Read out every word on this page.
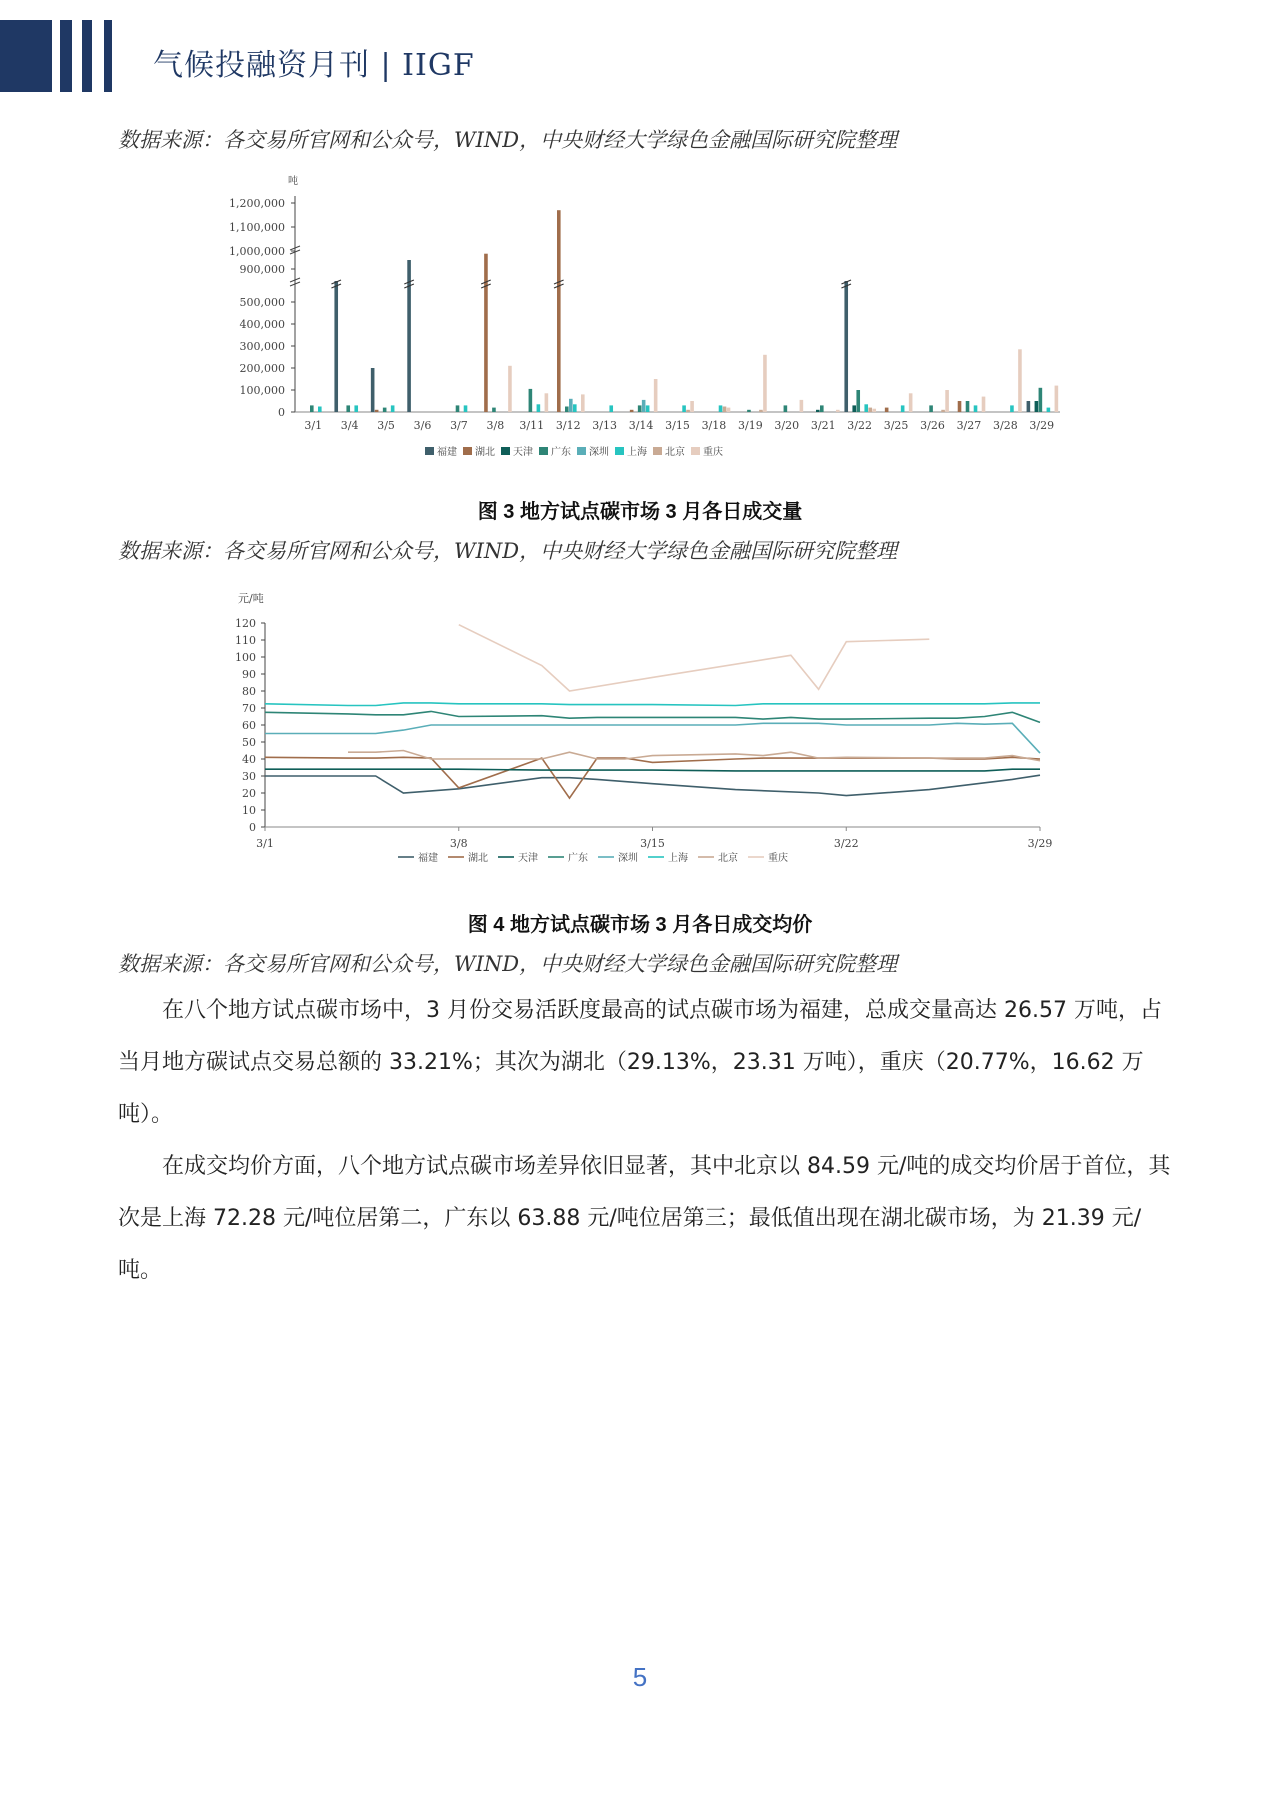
气候投融资月刊 | IIGF
数据来源：各交易所官网和公众号，WIND，中央财经大学绿色金融国际研究院整理
吨
0
100,000
200,000
300,000
400,000
500,000
900,000
1,000,000
1,100,000
1,200,000
3/1 3/4 3/5 3/6 3/7 3/8 3/11 3/12 3/13 3/14 3/15 3/18 3/19 3/20 3/21 3/22 3/25 3/26 3/27 3/28 3/29
福建 湖北 天津 广东 深圳 上海 北京 重庆
图 3 地方试点碳市场 3 月各日成交量
数据来源：各交易所官网和公众号，WIND，中央财经大学绿色金融国际研究院整理
元/吨
0
10
20
30
40
50
60
70
80
90
100
110
120
3/1	3/8	3/15	3/22	3/29
福建	湖北	天津	广东	深圳	上海	北京	重庆
图 4 地方试点碳市场 3 月各日成交均价
数据来源：各交易所官网和公众号，WIND，中央财经大学绿色金融国际研究院整理

在八个地方试点碳市场中，3 月份交易活跃度最高的试点碳市场为福建，总成交量高达 26.57 万吨，占当月地方碳试点交易总额的 33.21%；其次为湖北（29.13%，23.31 万吨），重庆（20.77%，16.62 万吨）。

在成交均价方面，八个地方试点碳市场差异依旧显著，其中北京以 84.59 元/吨的成交均价居于首位，其次是上海 72.28 元/吨位居第二，广东以 63.88 元/吨位居第三；最低值出现在湖北碳市场，为 21.39 元/吨。

5
